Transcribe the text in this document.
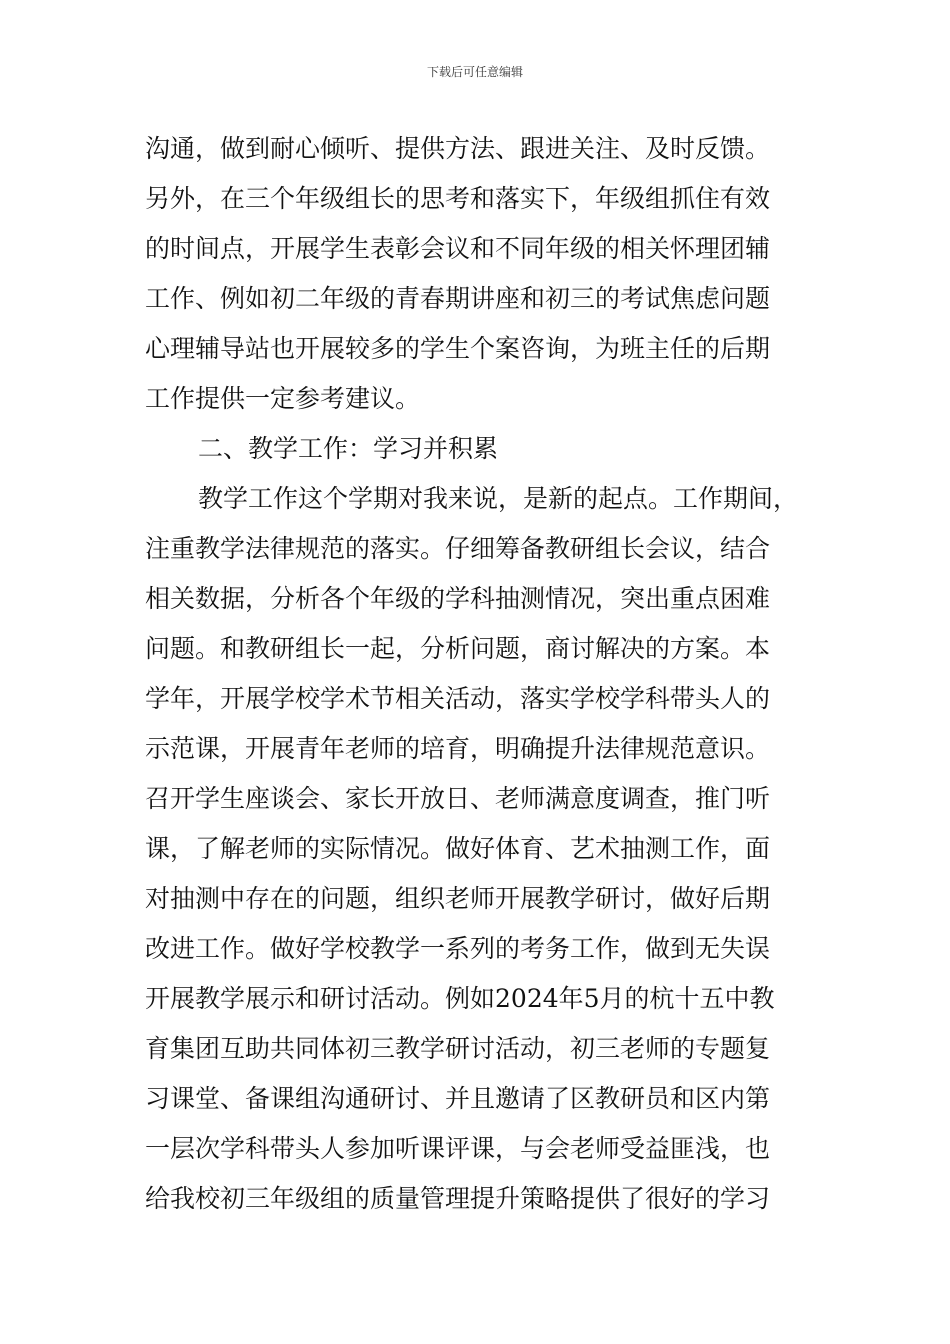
下载后可任意编辑
沟通，做到耐心倾听、提供方法、跟进关注、及时反馈。
另外，在三个年级组长的思考和落实下，年级组抓住有效
的时间点，开展学生表彰会议和不同年级的相关怀理团辅
工作、例如初二年级的青春期讲座和初三的考试焦虑问题
心理辅导站也开展较多的学生个案咨询，为班主任的后期
工作提供一定参考建议。
二、教学工作：学习并积累
教学工作这个学期对我来说，是新的起点。工作期间，
注重教学法律规范的落实。仔细筹备教研组长会议，结合
相关数据，分析各个年级的学科抽测情况，突出重点困难
问题。和教研组长一起，分析问题，商讨解决的方案。本
学年，开展学校学术节相关活动，落实学校学科带头人的
示范课，开展青年老师的培育，明确提升法律规范意识。
召开学生座谈会、家长开放日、老师满意度调查，推门听
课，了解老师的实际情况。做好体育、艺术抽测工作，面
对抽测中存在的问题，组织老师开展教学研讨，做好后期
改进工作。做好学校教学一系列的考务工作，做到无失误
开展教学展示和研讨活动。例如2024年5月的杭十五中教
育集团互助共同体初三教学研讨活动，初三老师的专题复
习课堂、备课组沟通研讨、并且邀请了区教研员和区内第
一层次学科带头人参加听课评课，与会老师受益匪浅，也
给我校初三年级组的质量管理提升策略提供了很好的学习
